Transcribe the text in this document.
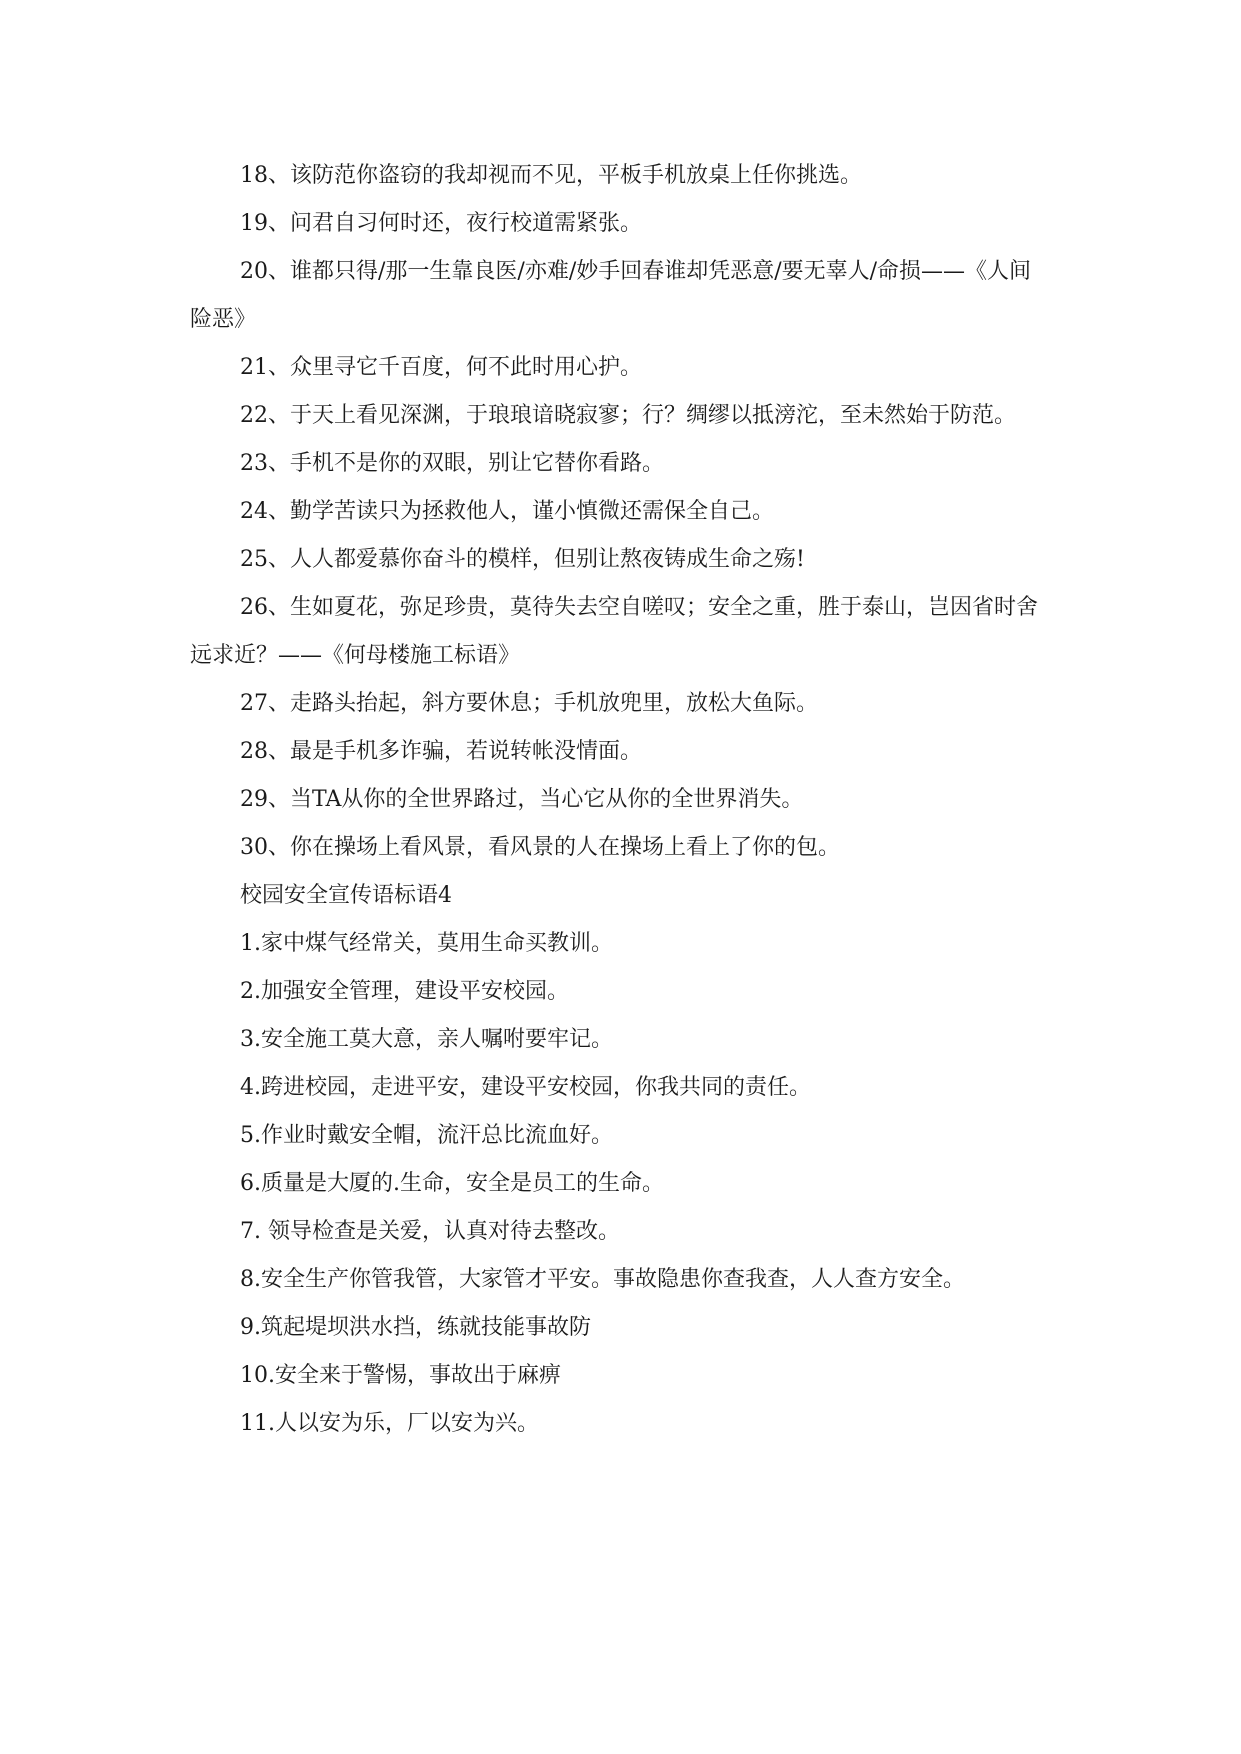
18、该防范你盗窃的我却视而不见，平板手机放桌上任你挑选。

19、问君自习何时还，夜行校道需紧张。

20、谁都只得/那一生靠良医/亦难/妙手回春谁却凭恶意/要无辜人/命损——《人间险恶》

21、众里寻它千百度，何不此时用心护。

22、于天上看见深渊，于琅琅谙晓寂寥；行？绸缪以抵滂沱，至未然始于防范。

23、手机不是你的双眼，别让它替你看路。

24、勤学苦读只为拯救他人，谨小慎微还需保全自己。

25、人人都爱慕你奋斗的模样，但别让熬夜铸成生命之殇!

26、生如夏花，弥足珍贵，莫待失去空自嗟叹；安全之重，胜于泰山，岂因省时舍远求近？——《何母楼施工标语》

27、走路头抬起，斜方要休息；手机放兜里，放松大鱼际。

28、最是手机多诈骗，若说转帐没情面。

29、当TA从你的全世界路过，当心它从你的全世界消失。

30、你在操场上看风景，看风景的人在操场上看上了你的包。

校园安全宣传语标语4

1.家中煤气经常关，莫用生命买教训。

2.加强安全管理，建设平安校园。

3.安全施工莫大意，亲人嘱咐要牢记。

4.跨进校园，走进平安，建设平安校园，你我共同的责任。

5.作业时戴安全帽，流汗总比流血好。

6.质量是大厦的.生命，安全是员工的生命。

7. 领导检查是关爱，认真对待去整改。

8.安全生产你管我管，大家管才平安。事故隐患你查我查，人人查方安全。

9.筑起堤坝洪水挡，练就技能事故防

10.安全来于警惕，事故出于麻痹

11.人以安为乐，厂以安为兴。
